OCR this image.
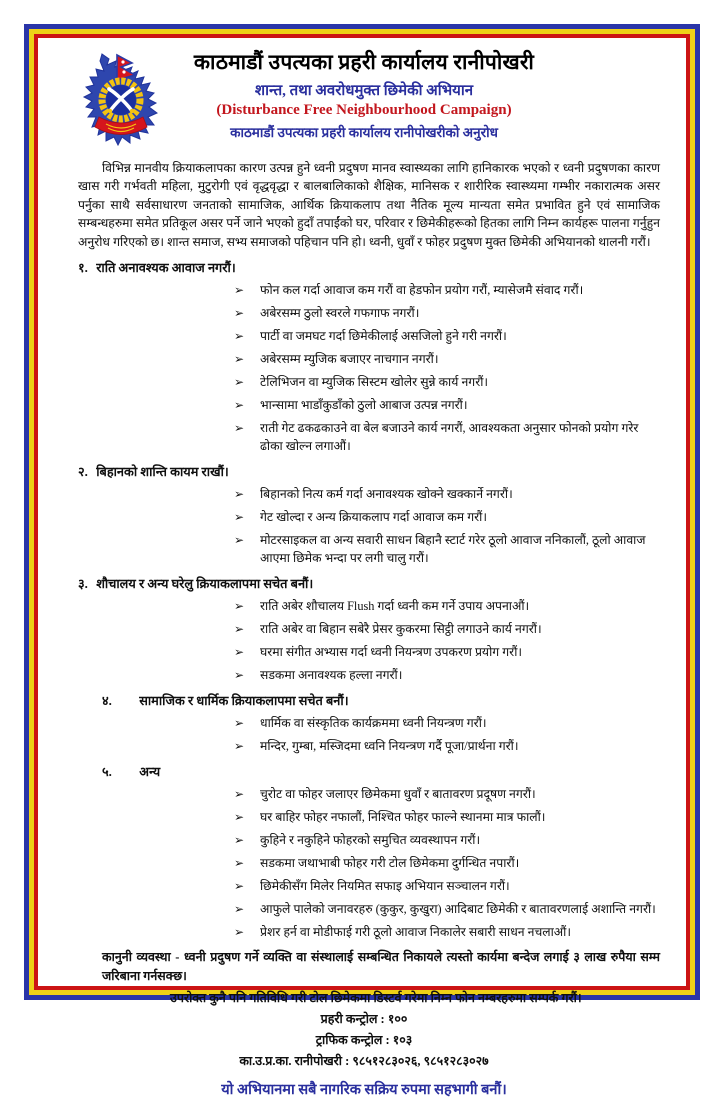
काठमाडौं उपत्यका प्रहरी कार्यालय रानीपोखरी
शान्त, तथा अवरोधमुक्त छिमेकी अभियान
(Disturbance Free Neighbourhood Campaign)
काठमाडौं उपत्यका प्रहरी कार्यालय रानीपोखरीको अनुरोध
विभिन्न मानवीय क्रियाकलापका कारण उत्पन्न हुने ध्वनी प्रदुषण मानव स्वास्थ्यका लागि हानिकारक भएको र ध्वनी प्रदुषणका कारण खास गरी गर्भवती महिला, मुटुरोगी एवं वृद्धवृद्धा र बालबालिकाको शैक्षिक, मानिसक र शारीरिक स्वास्थ्यमा गम्भीर नकारात्मक असर पर्नुका साथै सर्वसाधारण जनताको सामाजिक, आर्थिक क्रियाकलाप तथा नैतिक मूल्य मान्यता समेत प्रभावित हुने एवं सामाजिक सम्बन्धहरुमा समेत प्रतिकूल असर पर्ने जाने भएको हुदाँ तपाईंको घर, परिवार र छिमेकीहरूको हितका लागि निम्न कार्यहरू पालना गर्नुहुन अनुरोध गरिएको छ। शान्त समाज, सभ्य समाजको पहिचान पनि हो। ध्वनी, धुवाँ र फोहर प्रदुषण मुक्त छिमेकी अभियानको थालनी गरौं।
१. राति अनावश्यक आवाज नगरौं।
➢ फोन कल गर्दा आवाज कम गरौं वा हेडफोन प्रयोग गरौं, म्यासेजमै संवाद गरौं।
➢ अबेरसम्म ठुलो स्वरले गफगाफ नगरौं।
➢ पार्टी वा जमघट गर्दा छिमेकीलाई असजिलो हुने गरी नगरौं।
➢ अबेरसम्म म्युजिक बजाएर नाचगान नगरौं।
➢ टेलिभिजन वा म्युजिक सिस्टम खोलेर सुन्ने कार्य नगरौं।
➢ भान्सामा भाडाँकुडाँको ठुलो आबाज उत्पन्न नगरौं।
➢ राती गेट ढकढकाउने वा बेल बजाउने कार्य नगरौं, आवश्यकता अनुसार फोनको प्रयोग गरेर ढोका खोल्न लगाऔं।
२. बिहानको शान्ति कायम राखौं।
➢ बिहानको नित्य कर्म गर्दा अनावश्यक खोक्ने खक्कार्ने नगरौं।
➢ गेट खोल्दा र अन्य क्रियाकलाप गर्दा आवाज कम गरौं।
➢ मोटरसाइकल वा अन्य सवारी साधन बिहानै स्टार्ट गरेर ठूलो आवाज ननिकालौं, ठूलो आवाज आएमा छिमेक भन्दा पर लगी चालु गरौं।
३. शौचालय र अन्य घरेलु क्रियाकलापमा सचेत बनौं।
➢ राति अबेर शौचालय Flush गर्दा ध्वनी कम गर्ने उपाय अपनाऔं।
➢ राति अबेर वा बिहान सबेरै प्रेसर कुकरमा सिट्ठी लगाउने कार्य नगरौं।
➢ घरमा संगीत अभ्यास गर्दा ध्वनी नियन्त्रण उपकरण प्रयोग गरौं।
➢ सडकमा अनावश्यक हल्ला नगरौं।
४. सामाजिक र धार्मिक क्रियाकलापमा सचेत बनौं।
➢ धार्मिक वा संस्कृतिक कार्यक्रममा ध्वनी नियन्त्रण गरौं।
➢ मन्दिर, गुम्बा, मस्जिदमा ध्वनि नियन्त्रण गर्दै पूजा/प्रार्थना गरौं।
५. अन्य
➢ चुरोट वा फोहर जलाएर छिमेकमा धुवाँ र बातावरण प्रदूषण नगरौं।
➢ घर बाहिर फोहर नफालौं, निश्चित फोहर फाल्ने स्थानमा मात्र फालौं।
➢ कुहिने र नकुहिने फोहरको समुचित व्यवस्थापन गरौं।
➢ सडकमा जथाभाबी फोहर गरी टोल छिमेकमा दुर्गन्धित नपारौं।
➢ छिमेकीसँग मिलेर नियमित सफाइ अभियान सञ्चालन गरौं।
➢ आफुले पालेको जनावरहरु (कुकुर, कुखुरा) आदिबाट छिमेकी र बातावरणलाई अशान्ति नगरौं।
➢ प्रेशर हर्न वा मोडीफाई गरी ठूलो आवाज निकालेर सबारी साधन नचलाऔं।
कानुनी व्यवस्था - ध्वनी प्रदुषण गर्ने व्यक्ति वा संस्थालाई सम्बन्धित निकायले त्यस्तो कार्यमा बन्देज लगाई ३ लाख रुपैया सम्म जरिबाना गर्नसक्छ।
उपरोक्त कुनै पनि गतिविधि गरी टोल छिमेकमा डिस्टर्व गरेमा निम्न फोन नम्बरहरुमा सम्पर्क गरौं।
प्रहरी कन्ट्रोल : १००
ट्राफिक कन्ट्रोल : १०३
का.उ.प्र.का. रानीपोखरी : ९८५१२८३०२६, ९८५१२८३०२७
यो अभियानमा सबै नागरिक सक्रिय रुपमा सहभागी बनौं।
